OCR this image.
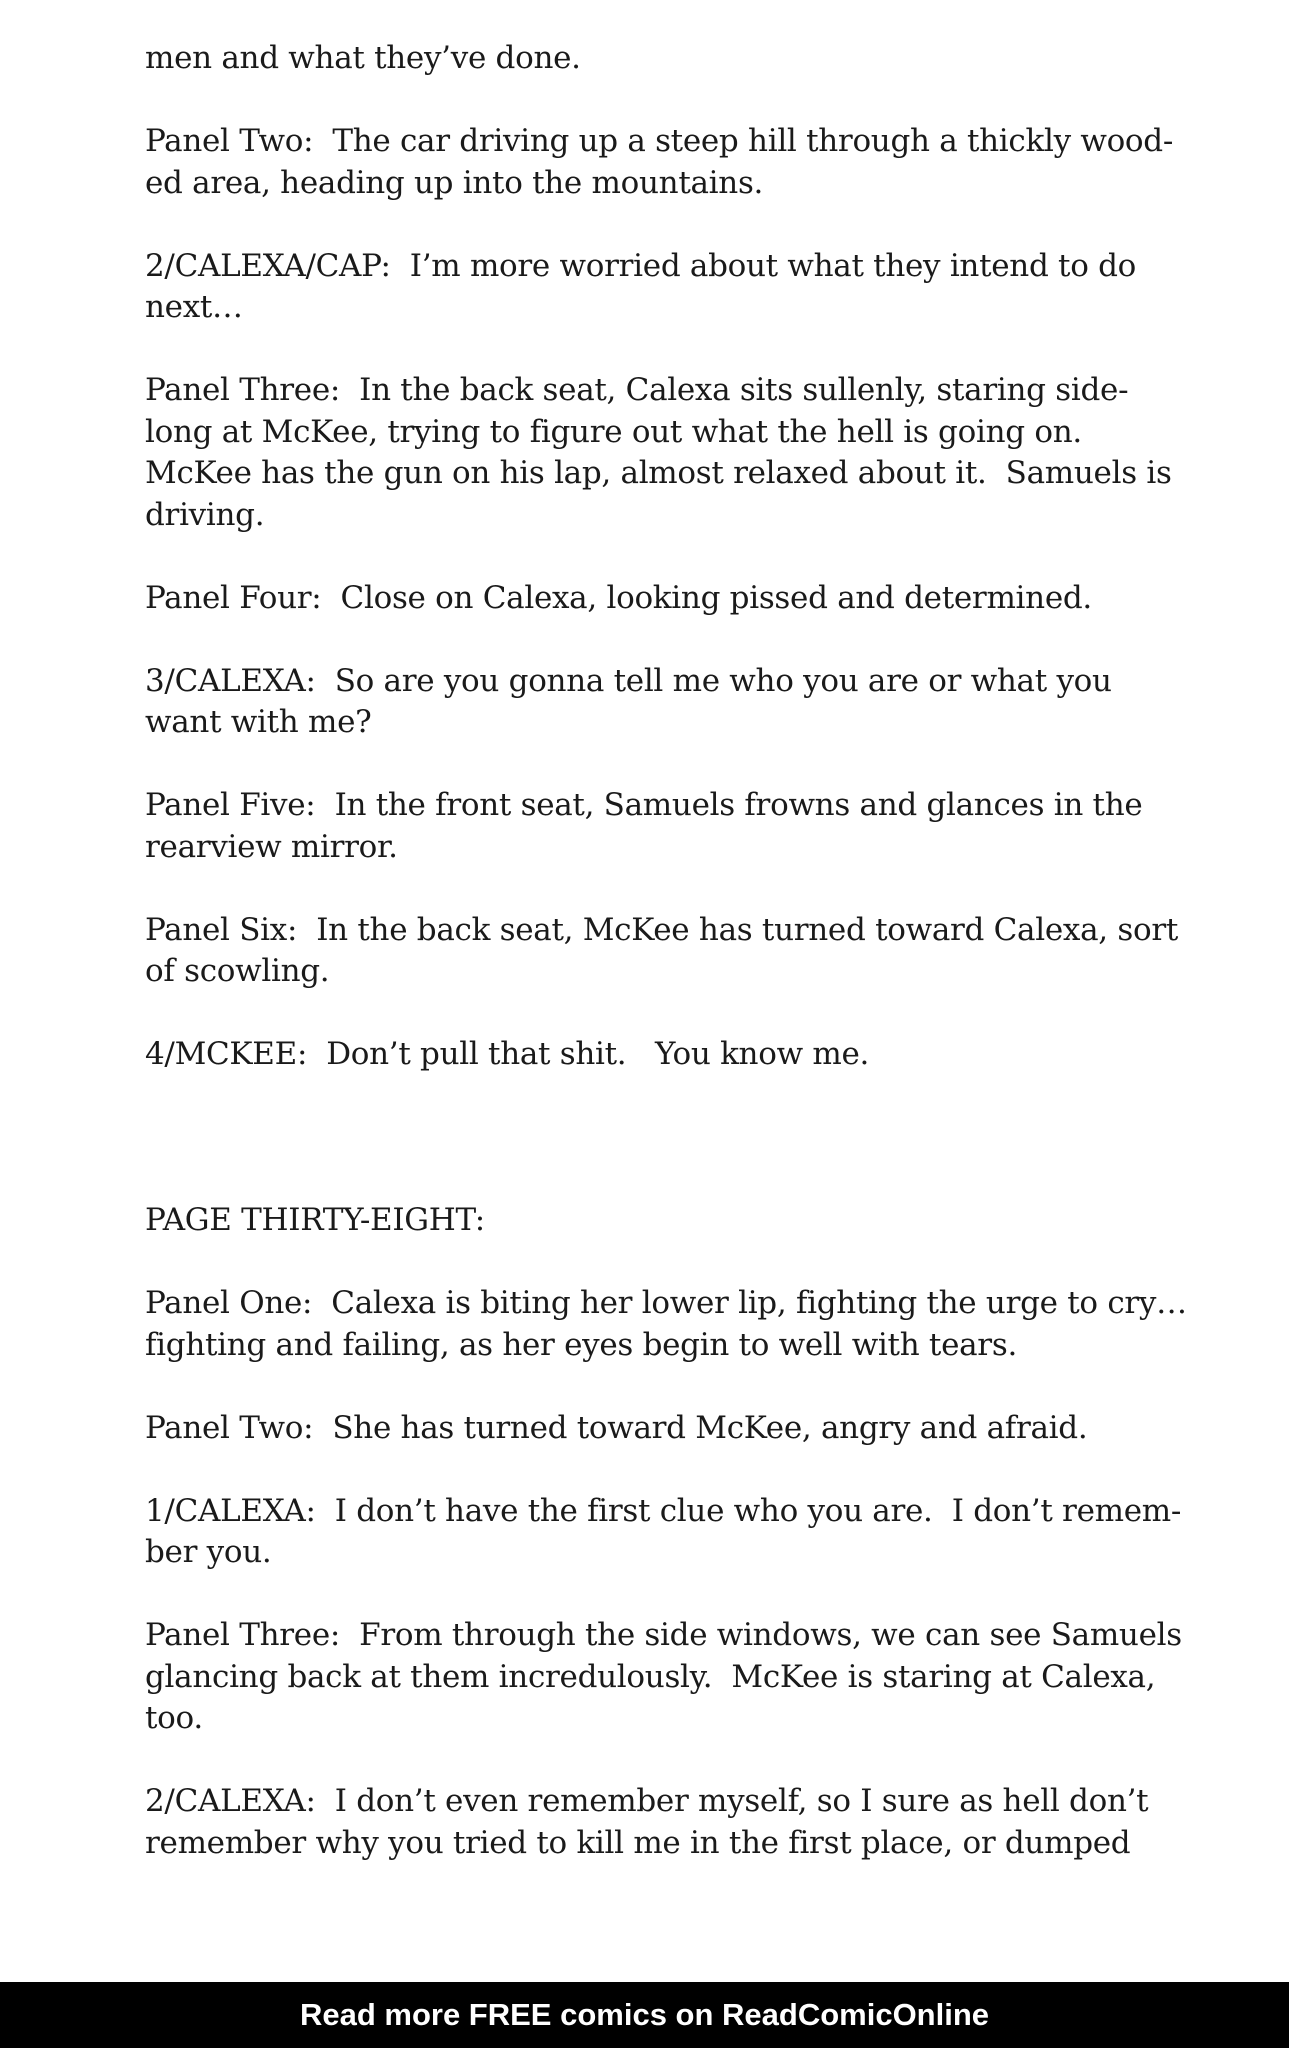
men and what they’ve done.

Panel Two:  The car driving up a steep hill through a thickly wood-
ed area, heading up into the mountains.

2/CALEXA/CAP:  I’m more worried about what they intend to do
next…

Panel Three:  In the back seat, Calexa sits sullenly, staring side-
long at McKee, trying to figure out what the hell is going on.
McKee has the gun on his lap, almost relaxed about it.  Samuels is
driving.

Panel Four:  Close on Calexa, looking pissed and determined.

3/CALEXA:  So are you gonna tell me who you are or what you
want with me?

Panel Five:  In the front seat, Samuels frowns and glances in the
rearview mirror.

Panel Six:  In the back seat, McKee has turned toward Calexa, sort
of scowling.

4/MCKEE:  Don’t pull that shit.   You know me.

PAGE THIRTY-EIGHT:

Panel One:  Calexa is biting her lower lip, fighting the urge to cry…
fighting and failing, as her eyes begin to well with tears.

Panel Two:  She has turned toward McKee, angry and afraid.

1/CALEXA:  I don’t have the first clue who you are.  I don’t remem-
ber you.

Panel Three:  From through the side windows, we can see Samuels
glancing back at them incredulously.  McKee is staring at Calexa,
too.

2/CALEXA:  I don’t even remember myself, so I sure as hell don’t
remember why you tried to kill me in the first place, or dumped

Read more FREE comics on ReadComicOnline
